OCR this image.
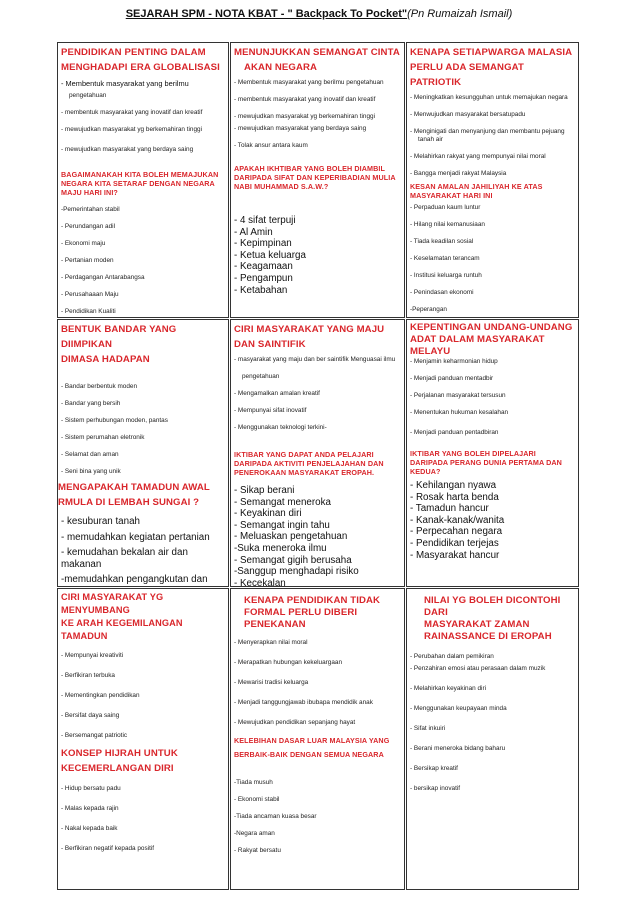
SEJARAH SPM - NOTA KBAT - " Backpack To Pocket"(Pn Rumaizah Ismail)
PENDIDIKAN PENTING DALAM
MENGHADAPI ERA GLOBALISASI
- Membentuk masyarakat yang berilmu
pengetahuan
- membentuk masyarakat yang inovatif dan kreatif
- mewujudkan masyarakat yg berkemahiran tinggi
- mewujudkan masyarakat yang berdaya saing
BAGAIMANAKAH KITA BOLEH MEMAJUKAN NEGARA KITA SETARAF DENGAN NEGARA MAJU HARI INI?
-Pemerintahan stabil
- Perundangan adil
- Ekonomi maju
- Pertanian moden
- Perdagangan Antarabangsa
- Perusahaaan Maju
- Pendidikan Kualiti
MENUNJUKKAN SEMANGAT CINTA
AKAN NEGARA
- Membentuk masyarakat yang berilmu pengetahuan
- membentuk masyarakat yang inovatif dan kreatif
- mewujudkan masyarakat yg berkemahiran tinggi
- mewujudkan masyarakat yang berdaya saing
- Tolak ansur antara kaum
APAKAH IKHTIBAR YANG BOLEH DIAMBIL DARIPADA SIFAT DAN KEPERIBADIAN MULIA NABI MUHAMMAD S.A.W.?
- 4 sifat terpuji
- Al Amin
- Kepimpinan
- Ketua keluarga
- Keagamaan
- Pengampun
- Ketabahan
KENAPA SETIAPWARGA MALASIA
PERLU ADA SEMANGAT PATRIOTIK
- Meningkatkan kesungguhan untuk memajukan negara
- Menwujudkan masyarakat bersatupadu
- Menginigati dan menyanjung dan membantu pejuang
tanah air
- Melahirkan rakyat yang mempunyai nilai moral
- Bangga menjadi rakyat Malaysia
KESAN AMALAN JAHILIYAH KE ATAS MASYARAKAT HARI INI
- Perpaduan kaum luntur
- Hilang nilai kemanusiaan
- Tiada keadilan sosial
- Keselamatan terancam
- Institusi keluarga runtuh
- Penindasan ekonomi
-Peperangan
BENTUK BANDAR YANG DIIMPIKAN
DIMASA HADAPAN
- Bandar berbentuk moden
- Bandar yang bersih
- Sistem perhubungan moden, pantas
- Sistem perumahan eletronik
- Selamat dan aman
- Seni bina yang unik
MENGAPAKAH TAMADUN AWAL
RMULA DI LEMBAH SUNGAI ?
- kesuburan tanah
- memudahkan kegiatan pertanian
- kemudahan bekalan air dan makanan
-memudahkan pengangkutan dan
CIRI MASYARAKAT YANG MAJU
DAN SAINTIFIK
- masyarakat yang maju dan ber saintifik Menguasai ilmu
pengetahuan
- Mengamalkan amalan kreatif
- Mempunyai sifat inovatif
- Menggunakan teknologi terkini-
IKTIBAR YANG DAPAT ANDA PELAJARI DARIPADA AKTIVITI PENJELAJAHAN DAN PENEROKAAN MASYARAKAT EROPAH.
- Sikap berani
- Semangat meneroka
- Keyakinan diri
- Semangat ingin tahu
- Meluaskan pengetahuan
-Suka meneroka ilmu
- Semangat gigih berusaha
-Sanggup menghadapi risiko
- Kecekalan
KEPENTINGAN UNDANG-UNDANG
ADAT DALAM MASYARAKAT MELAYU
- Menjamin keharmonian hidup
- Menjadi panduan mentadbir
- Perjalanan masyarakat tersusun
- Menentukan hukuman kesalahan
- Menjadi panduan pentadbiran
IKTIBAR YANG BOLEH DIPELAJARI DARIPADA PERANG DUNIA PERTAMA DAN KEDUA?
- Kehilangan nyawa
- Rosak harta benda
- Tamadun hancur
- Kanak-kanak/wanita
- Perpecahan negara
- Pendidikan terjejas
- Masyarakat hancur
CIRI MASYARAKAT YG MENYUMBANG
KE ARAH KEGEMILANGAN TAMADUN
- Mempunyai kreativiti
- Berfikiran terbuka
- Mementingkan pendidikan
- Bersifat daya saing
- Bersemangat patriotic
KONSEP HIJRAH UNTUK
KECEMERLANGAN DIRI
- Hidup bersatu padu
- Malas kepada rajin
- Nakal kepada baik
- Berfikiran negatif kepada positif
KENAPA PENDIDIKAN TIDAK
FORMAL PERLU DIBERI
PENEKANAN
- Menyerapkan nilai moral
- Merapatkan hubungan kekeluargaan
- Mewarisi tradisi keluarga
- Menjadi tanggungjawab ibubapa mendidik anak
- Mewujudkan pendidikan sepanjang hayat
KELEBIHAN DASAR LUAR MALAYSIA YANG
BERBAIK-BAIK DENGAN SEMUA NEGARA
-Tiada musuh
- Ekonomi stabil
-Tiada ancaman kuasa besar
-Negara aman
- Rakyat bersatu
NILAI YG BOLEH DICONTOHI DARI
MASYARAKAT ZAMAN
RAINASSANCE DI EROPAH
- Perubahan dalam pemikiran
- Penzahiran emosi atau perasaan dalam muzik
- Melahirkan keyakinan diri
- Menggunakan keupayaan minda
- Sifat inkuiri
- Berani meneroka bidang baharu
- Bersikap kreatif
- bersikap inovatif
